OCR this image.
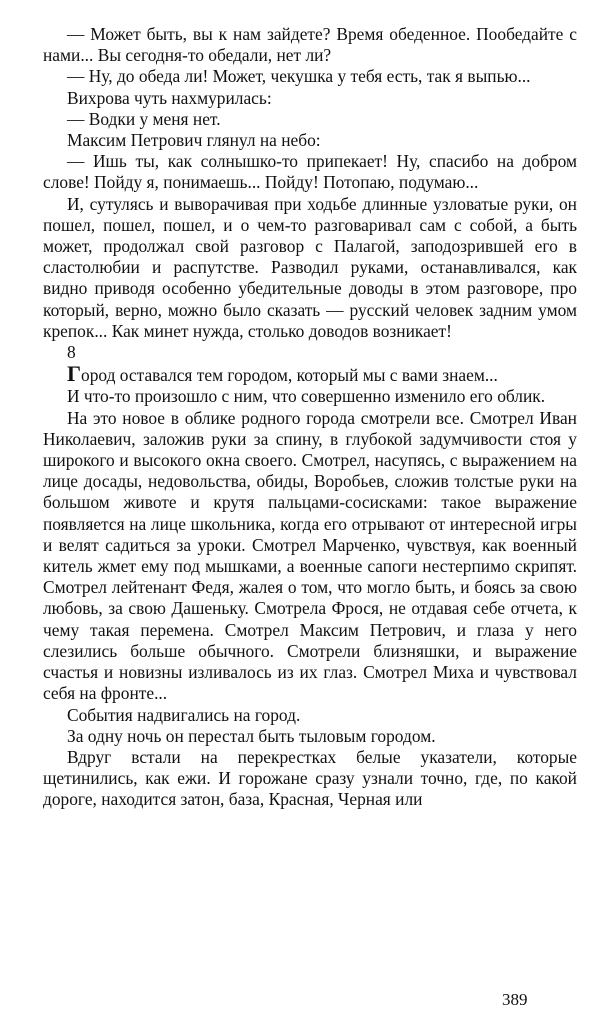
— Может быть, вы к нам зайдете? Время обеденное. Пообедайте с нами... Вы сегодня-то обедали, нет ли?

— Ну, до обеда ли! Может, чекушка у тебя есть, так я выпью...

Вихрова чуть нахмурилась:

— Водки у меня нет.

Максим Петрович глянул на небо:

— Ишь ты, как солнышко-то припекает! Ну, спасибо на добром слове! Пойду я, понимаешь... Пойду! Потопаю, подумаю...

И, сутулясь и выворачивая при ходьбе длинные узловатые руки, он пошел, пошел, пошел, и о чем-то разговаривал сам с собой, а быть может, продолжал свой разговор с Палагой, заподозрившей его в сластолюбии и распутстве. Разводил руками, останавливался, как видно приводя особенно убедительные доводы в этом разговоре, про который, верно, можно было сказать — русский человек задним умом крепок... Как минет нужда, столько доводов возникает!

8

Город оставался тем городом, который мы с вами знаем...

И что-то произошло с ним, что совершенно изменило его облик.

На это новое в облике родного города смотрели все. Смотрел Иван Николаевич, заложив руки за спину, в глубокой задумчивости стоя у широкого и высокого окна своего. Смотрел, насупясь, с выражением на лице досады, недовольства, обиды, Воробьев, сложив толстые руки на большом животе и крутя пальцами-сосисками: такое выражение появляется на лице школьника, когда его отрывают от интересной игры и велят садиться за уроки. Смотрел Марченко, чувствуя, как военный китель жмет ему под мышками, а военные сапоги нестерпимо скрипят. Смотрел лейтенант Федя, жалея о том, что могло быть, и боясь за свою любовь, за свою Дашеньку. Смотрела Фрося, не отдавая себе отчета, к чему такая перемена. Смотрел Максим Петрович, и глаза у него слезились больше обычного. Смотрели близняшки, и выражение счастья и новизны изливалось из их глаз. Смотрел Миха и чувствовал себя на фронте...

События надвигались на город.

За одну ночь он перестал быть тыловым городом.

Вдруг встали на перекрестках белые указатели, которые щетинились, как ежи. И горожане сразу узнали точно, где, по какой дороге, находится затон, база, Красная, Черная или

389
